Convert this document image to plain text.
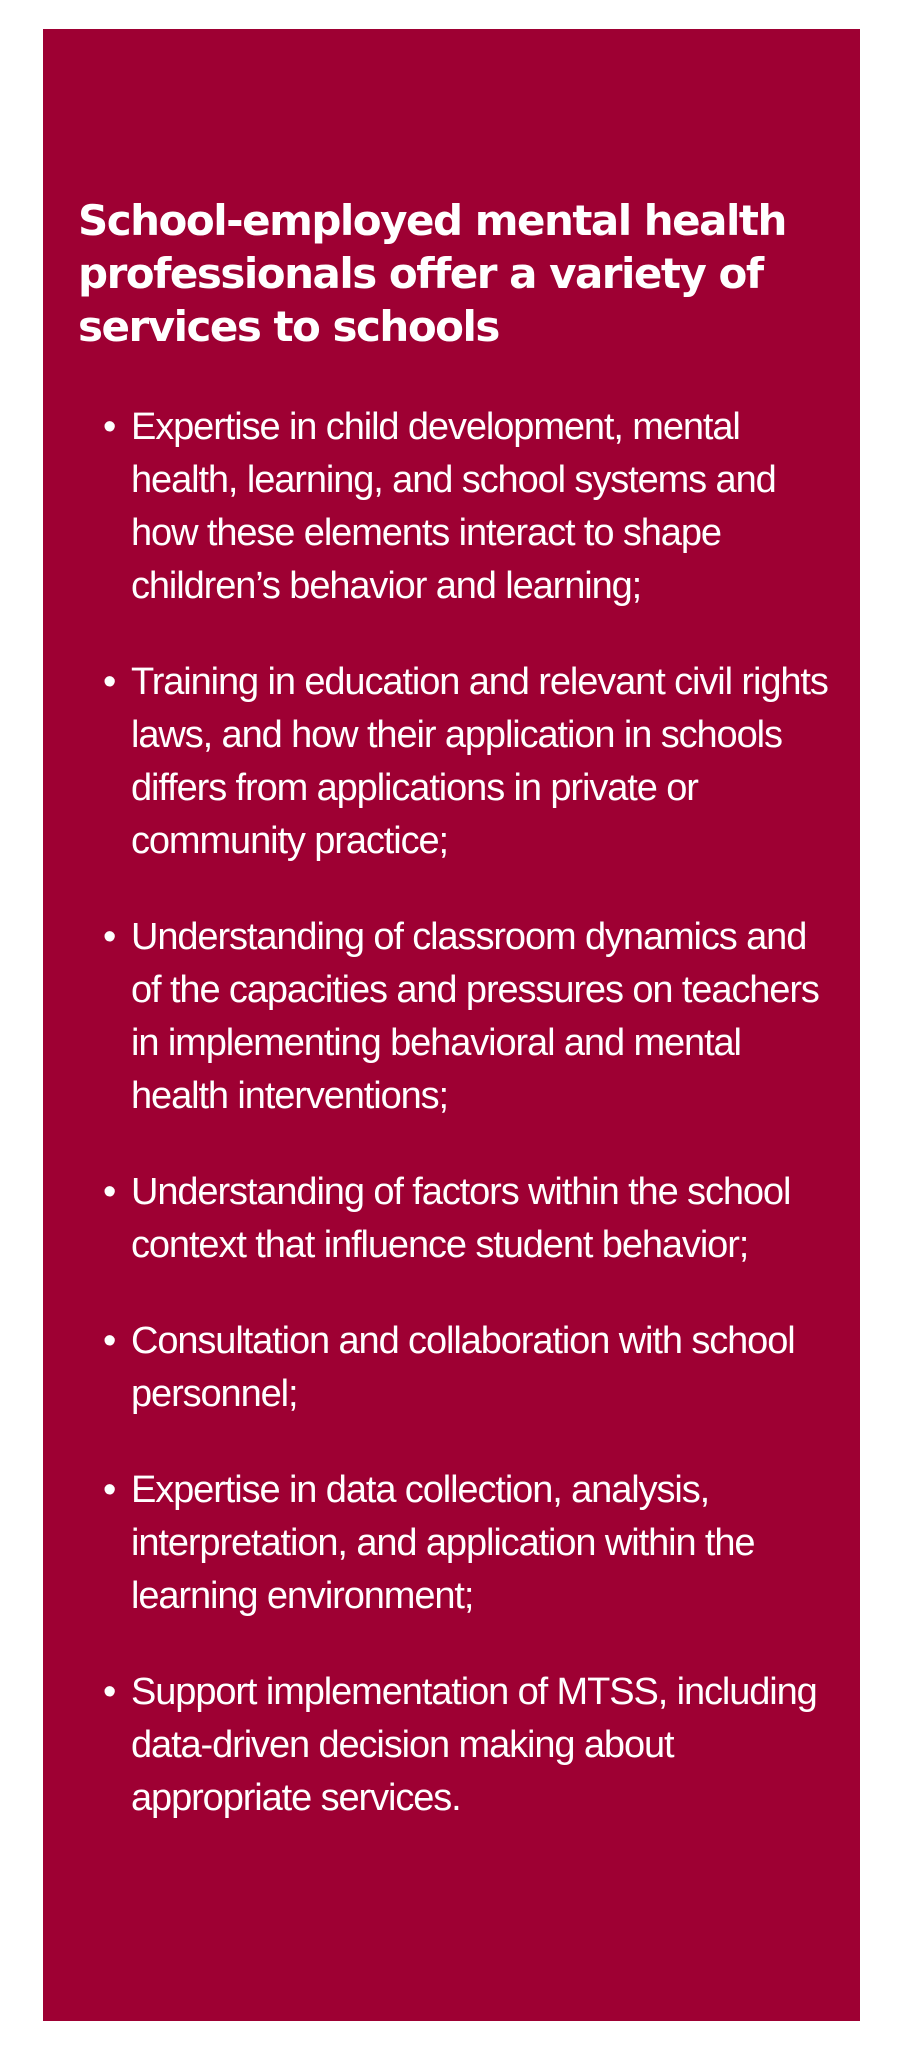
School-employed mental health professionals offer a variety of services to schools
• Expertise in child development, mental health, learning, and school systems and how these elements interact to shape children’s behavior and learning;
• Training in education and relevant civil rights laws, and how their application in schools differs from applications in private or community practice;
• Understanding of classroom dynamics and of the capacities and pressures on teachers in implementing behavioral and mental health interventions;
• Understanding of factors within the school context that influence student behavior;
• Consultation and collaboration with school personnel;
• Expertise in data collection, analysis, interpretation, and application within the learning environment;
• Support implementation of MTSS, including data-driven decision making about appropriate services.
